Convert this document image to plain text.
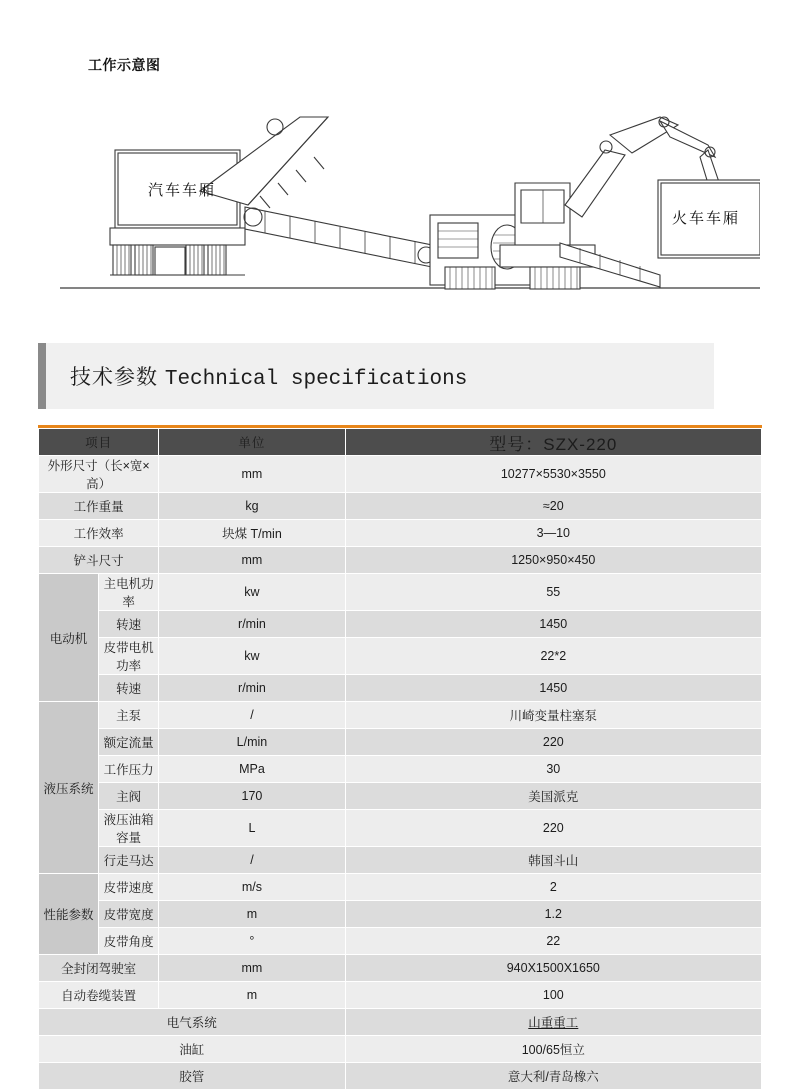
工作示意图
汽车车厢
火车车厢
技术参数 Technical specifications
项目		单位	型号：SZX-220
外形尺寸（长×宽×高）		mm	10277×5530×3550
工作重量		kg	≈20
工作效率		块煤 T/min	3—10
铲斗尺寸		mm	1250×950×450
电动机	主电机功率	kw	55
	转速	r/min	1450
	皮带电机功率	kw	22*2
	转速	r/min	1450
液压系统	主泵	/	川崎变量柱塞泵
	额定流量	L/min	220
	工作压力	MPa	30
	主阀	170	美国派克
	液压油箱容量	L	220
	行走马达	/	韩国斗山
性能参数	皮带速度	m/s	2
	皮带宽度	m	1.2
	皮带角度	°	22
全封闭驾驶室		mm	940X1500X1650
自动卷缆装置		m	100
电气系统			山重重工
油缸			100/65恒立
胶管			意大利/青岛橡六
